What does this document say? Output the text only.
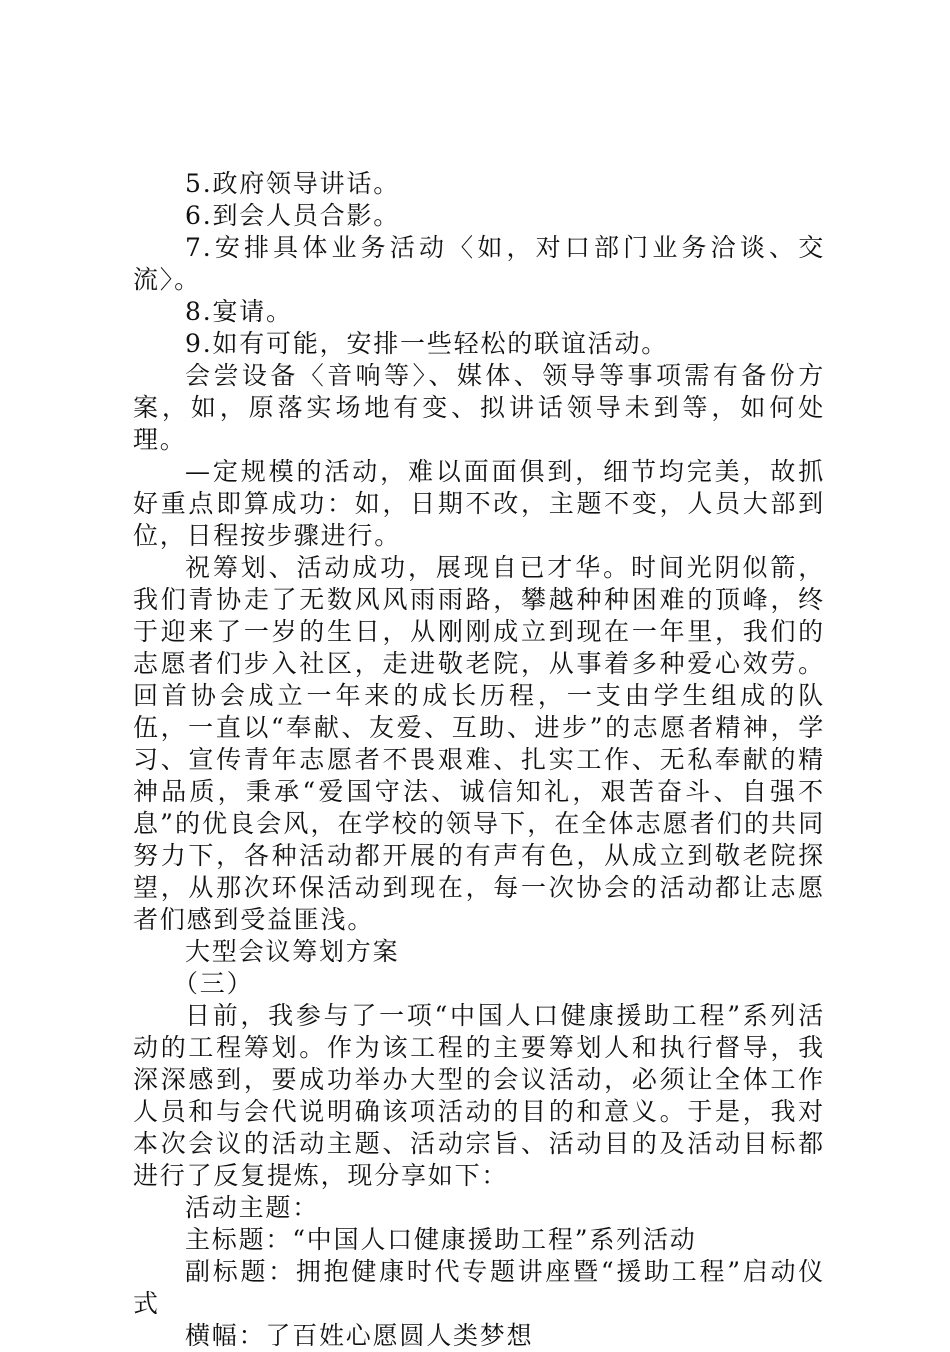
5.政府领导讲话。

6.到会人员合影。

7.安排具体业务活动〈如，对口部门业务洽谈、交流〉。

8.宴请。

9.如有可能，安排一些轻松的联谊活动。

会尝设备〈音响等〉、媒体、领导等事项需有备份方案，如，原落实场地有变、拟讲话领导未到等，如何处理。

—定规模的活动，难以面面俱到，细节均完美，故抓好重点即算成功：如，日期不改，主题不变，人员大部到位，日程按步骤进行。

祝筹划、活动成功，展现自已才华。时间光阴似箭，我们青协走了无数风风雨雨路，攀越种种困难的顶峰，终于迎来了一岁的生日，从刚刚成立到现在一年里，我们的志愿者们步入社区，走进敬老院，从事着多种爱心效劳。回首协会成立一年来的成长历程，一支由学生组成的队伍，一直以“奉献、友爱、互助、进步”的志愿者精神，学习、宣传青年志愿者不畏艰难、扎实工作、无私奉献的精神品质，秉承“爱国守法、诚信知礼，艰苦奋斗、自强不息”的优良会风，在学校的领导下，在全体志愿者们的共同努力下，各种活动都开展的有声有色，从成立到敬老院探望，从那次环保活动到现在，每一次协会的活动都让志愿者们感到受益匪浅。

大型会议筹划方案

（三）

日前，我参与了一项“中国人口健康援助工程”系列活动的工程筹划。作为该工程的主要筹划人和执行督导，我深深感到，要成功举办大型的会议活动，必须让全体工作人员和与会代说明确该项活动的目的和意义。于是，我对本次会议的活动主题、活动宗旨、活动目的及活动目标都进行了反复提炼，现分享如下：

活动主题：

主标题：“中国人口健康援助工程”系列活动

副标题：拥抱健康时代专题讲座暨“援助工程”启动仪式

横幅：了百姓心愿圆人类梦想
